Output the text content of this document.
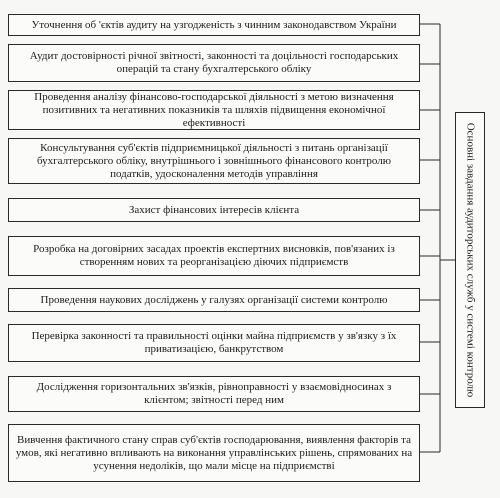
Уточнення об 'єктів аудиту на узгодженість з чинним законодавством України
Аудит достовірності річної звітності, законності та доцільності господарських операцій та стану бухгалтерського обліку
Проведення аналізу фінансово-господарської діяльності з метою визначення позитивних та негативних показників та шляхів підвищення економічної ефективності
Консультування суб'єктів підприємницької діяльності з питань організації бухгалтерського обліку, внутрішнього і зовнішнього фінансового контролю податків, удосконалення методів управління
Захист фінансових інтересів клієнта
Розробка на договірних засадах проектів експертних висновків, пов'язаних із створенням нових та реорганізацією діючих підприємств
Проведення наукових досліджень у галузях організації системи контролю
Перевірка законності та правильності оцінки майна підприємств у зв'язку з їх приватизацією, банкрутством
Дослідження горизонтальних зв'язків, рівноправності у взаємовідносинах з клієнтом; звітності перед ним
Вивчення фактичного стану справ суб'єктів господарювання, виявлення факторів та умов, які негативно впливають на виконання управлінських рішень, спрямованих на усунення недоліків, що мали місце на підприємстві
Основні завдання аудиторських служб у системі контролю
